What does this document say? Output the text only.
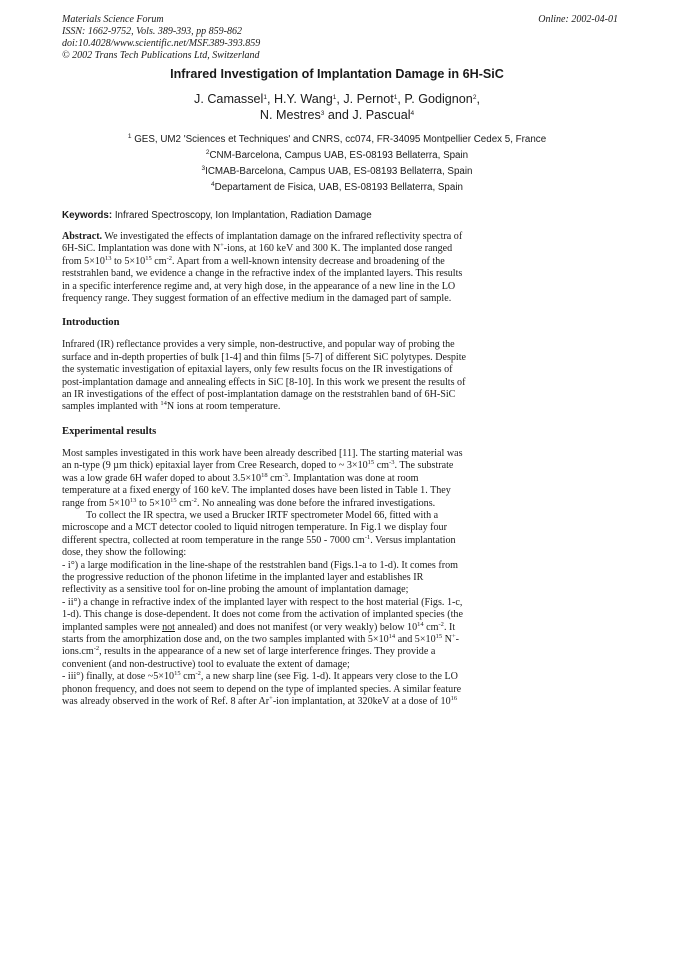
Materials Science Forum
ISSN: 1662-9752, Vols. 389-393, pp 859-862
doi:10.4028/www.scientific.net/MSF.389-393.859
© 2002 Trans Tech Publications Ltd, Switzerland
Online: 2002-04-01
Infrared Investigation of Implantation Damage in 6H-SiC
J. Camassel$^1$, H.Y. Wang$^1$, J. Pernot$^1$, P. Godignon$^2$,
N. Mestres$^3$ and J. Pascual$^4$
$^1$ GES, UM2 'Sciences et Techniques' and CNRS, cc074, FR-34095 Montpellier Cedex 5, France
$^2$CNM-Barcelona, Campus UAB, ES-08193 Bellaterra, Spain
$^3$ICMAB-Barcelona, Campus UAB, ES-08193 Bellaterra, Spain
$^4$Departament de Fisica, UAB, ES-08193 Bellaterra, Spain
Keywords: Infrared Spectroscopy, Ion Implantation, Radiation Damage

Abstract. We investigated the effects of implantation damage on the infrared reflectivity spectra of
6H-SiC. Implantation was done with N+-ions, at 160 keV and 300 K. The implanted dose ranged
from $5\times 10^{13}$ to $5\times 10^{15}$ $cm^{-2}$. Apart from a well-known intensity decrease and broadening of the
reststrahlen band, we evidence a change in the refractive index of the implanted layers. This results
in a specific interference regime and, at very high dose, in the appearance of a new line in the LO
frequency range. They suggest formation of an effective medium in the damaged part of sample.

Introduction

Infrared (IR) reflectance provides a very simple, non-destructive, and popular way of probing the
surface and in-depth properties of bulk [1-4] and thin films [5-7] of different SiC polytypes. Despite
the systematic investigation of epitaxial layers, only few results focus on the IR investigations of
post-implantation damage and annealing effects in SiC [8-10]. In this work we present the results of
an IR investigations of the effect of post-implantation damage on the reststrahlen band of 6H-SiC
samples implanted with $^{14}$N ions at room temperature.

Experimental results

Most samples investigated in this work have been already described [11]. The starting material was
an n-type (9 µm thick) epitaxial layer from Cree Research, doped to ~ $3\times 10^{15}$ $cm^{-3}$. The substrate
was a low grade 6H wafer doped to about $3.5\times 10^{18}$ $cm^{-3}$. Implantation was done at room
temperature at a fixed energy of 160 keV. The implanted doses have been listed in Table 1. They
range from $5\times 10^{13}$ to $5\times 10^{15}$ $cm^{-2}$. No annealing was done before the infrared investigations.

To collect the IR spectra, we used a Brucker IRTF spectrometer Model 66, fitted with a
microscope and a MCT detector cooled to liquid nitrogen temperature. In Fig.1 we display four
different spectra, collected at room temperature in the range 550 - 7000 $cm^{-1}$. Versus implantation
dose, they show the following:
- i°) a large modification in the line-shape of the reststrahlen band (Figs.1-a to 1-d). It comes from
the progressive reduction of the phonon lifetime in the implanted layer and establishes IR
reflectivity as a sensitive tool for on-line probing the amount of implantation damage;
- ii°) a change in refractive index of the implanted layer with respect to the host material (Figs. 1-c,
1-d). This change is dose-dependent. It does not come from the activation of implanted species (the
implanted samples were not annealed) and does not manifest (or very weakly) below $10^{14}$ $cm^{-2}$. It
starts from the amorphization dose and, on the two samples implanted with $5\times 10^{14}$ and $5\times 10^{15}$ N+-
$ions.cm^{-2}$, results in the appearance of a new set of large interference fringes. They provide a
convenient (and non-destructive) tool to evaluate the extent of damage;
- iii°) finally, at dose $\sim 5\times 10^{15}$ $cm^{-2}$, a new sharp line (see Fig. 1-d). It appears very close to the LO
phonon frequency, and does not seem to depend on the type of implanted species. A similar feature
was already observed in the work of Ref. 8 after Ar+-ion implantation, at 320keV at a dose of $10^{16}$
